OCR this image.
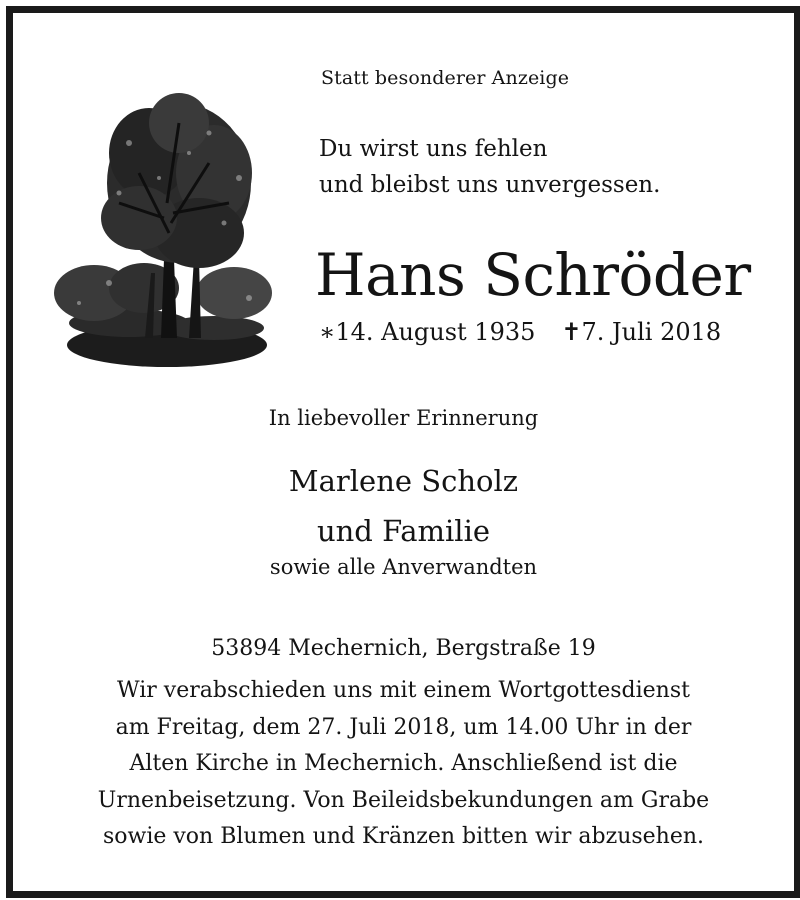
Statt besonderer Anzeige
Du wirst uns fehlen
und bleibst uns unvergessen.
Hans Schröder
∗14. August 1935 ✝7. Juli 2018
In liebevoller Erinnerung
Marlene Scholz
und Familie
sowie alle Anverwandten
53894 Mechernich, Bergstraße 19
Wir verabschieden uns mit einem Wortgottesdienst
am Freitag, dem 27. Juli 2018, um 14.00 Uhr in der
Alten Kirche in Mechernich. Anschließend ist die
Urnenbeisetzung. Von Beileidsbekundungen am Grabe
sowie von Blumen und Kränzen bitten wir abzusehen.
